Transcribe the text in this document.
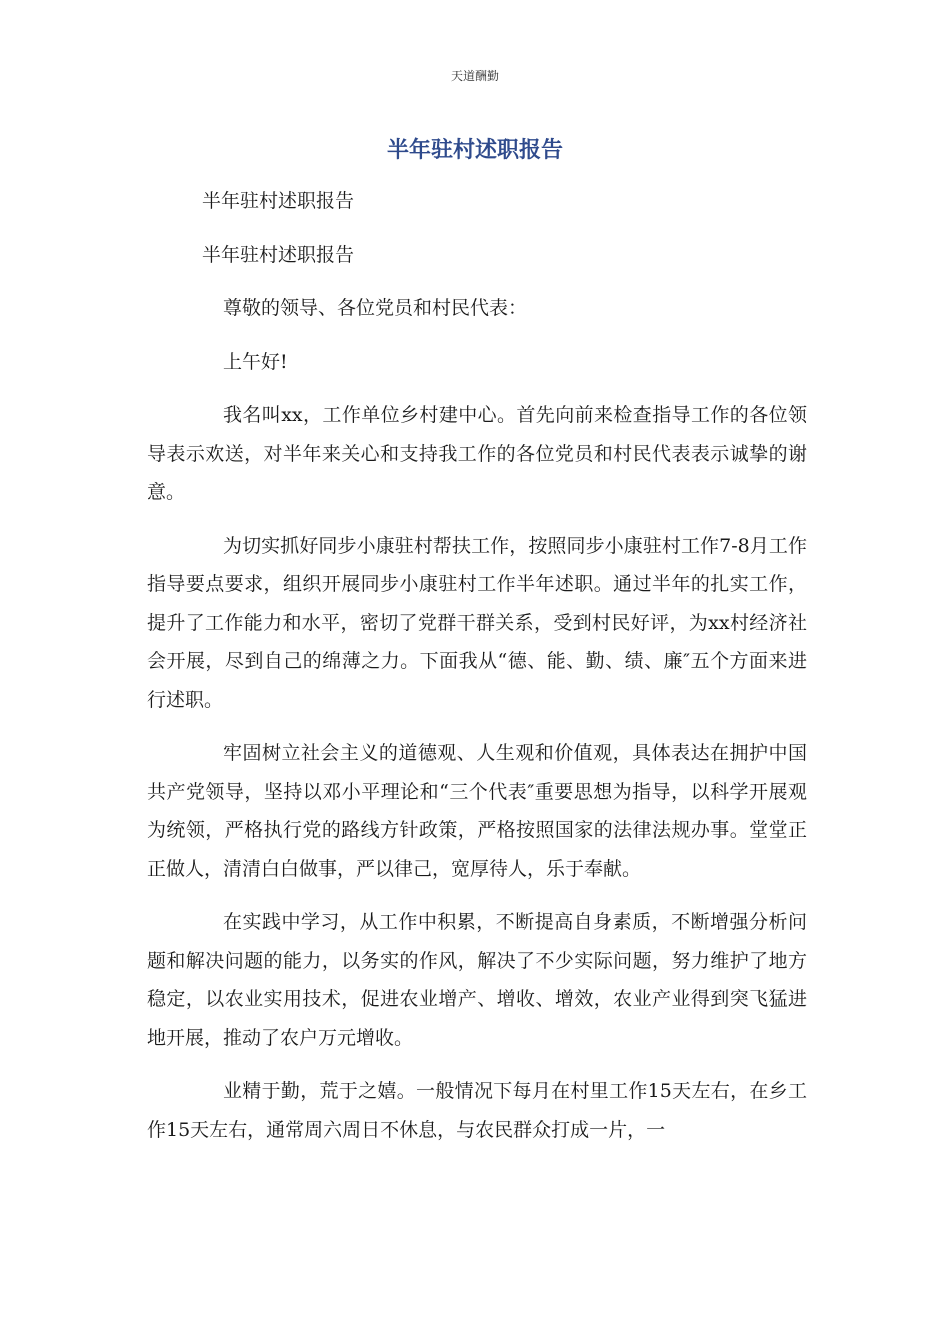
天道酬勤
半年驻村述职报告

半年驻村述职报告

半年驻村述职报告

尊敬的领导、各位党员和村民代表：

上午好!

我名叫xx，工作单位乡村建中心。首先向前来检查指导工作的各位领导表示欢送，对半年来关心和支持我工作的各位党员和村民代表表示诚挚的谢意。

为切实抓好同步小康驻村帮扶工作，按照同步小康驻村工作7-8月工作指导要点要求，组织开展同步小康驻村工作半年述职。通过半年的扎实工作，提升了工作能力和水平，密切了党群干群关系，受到村民好评，为xx村经济社会开展，尽到自己的绵薄之力。下面我从“德、能、勤、绩、廉″五个方面来进行述职。

牢固树立社会主义的道德观、人生观和价值观，具体表达在拥护中国共产党领导，坚持以邓小平理论和“三个代表″重要思想为指导，以科学开展观为统领，严格执行党的路线方针政策，严格按照国家的法律法规办事。堂堂正正做人，清清白白做事，严以律己，宽厚待人，乐于奉献。

在实践中学习，从工作中积累，不断提高自身素质，不断增强分析问题和解决问题的能力，以务实的作风，解决了不少实际问题，努力维护了地方稳定，以农业实用技术，促进农业增产、增收、增效，农业产业得到突飞猛进地开展，推动了农户万元增收。

业精于勤，荒于之嬉。一般情况下每月在村里工作15天左右，在乡工作15天左右，通常周六周日不休息，与农民群众打成一片，一
